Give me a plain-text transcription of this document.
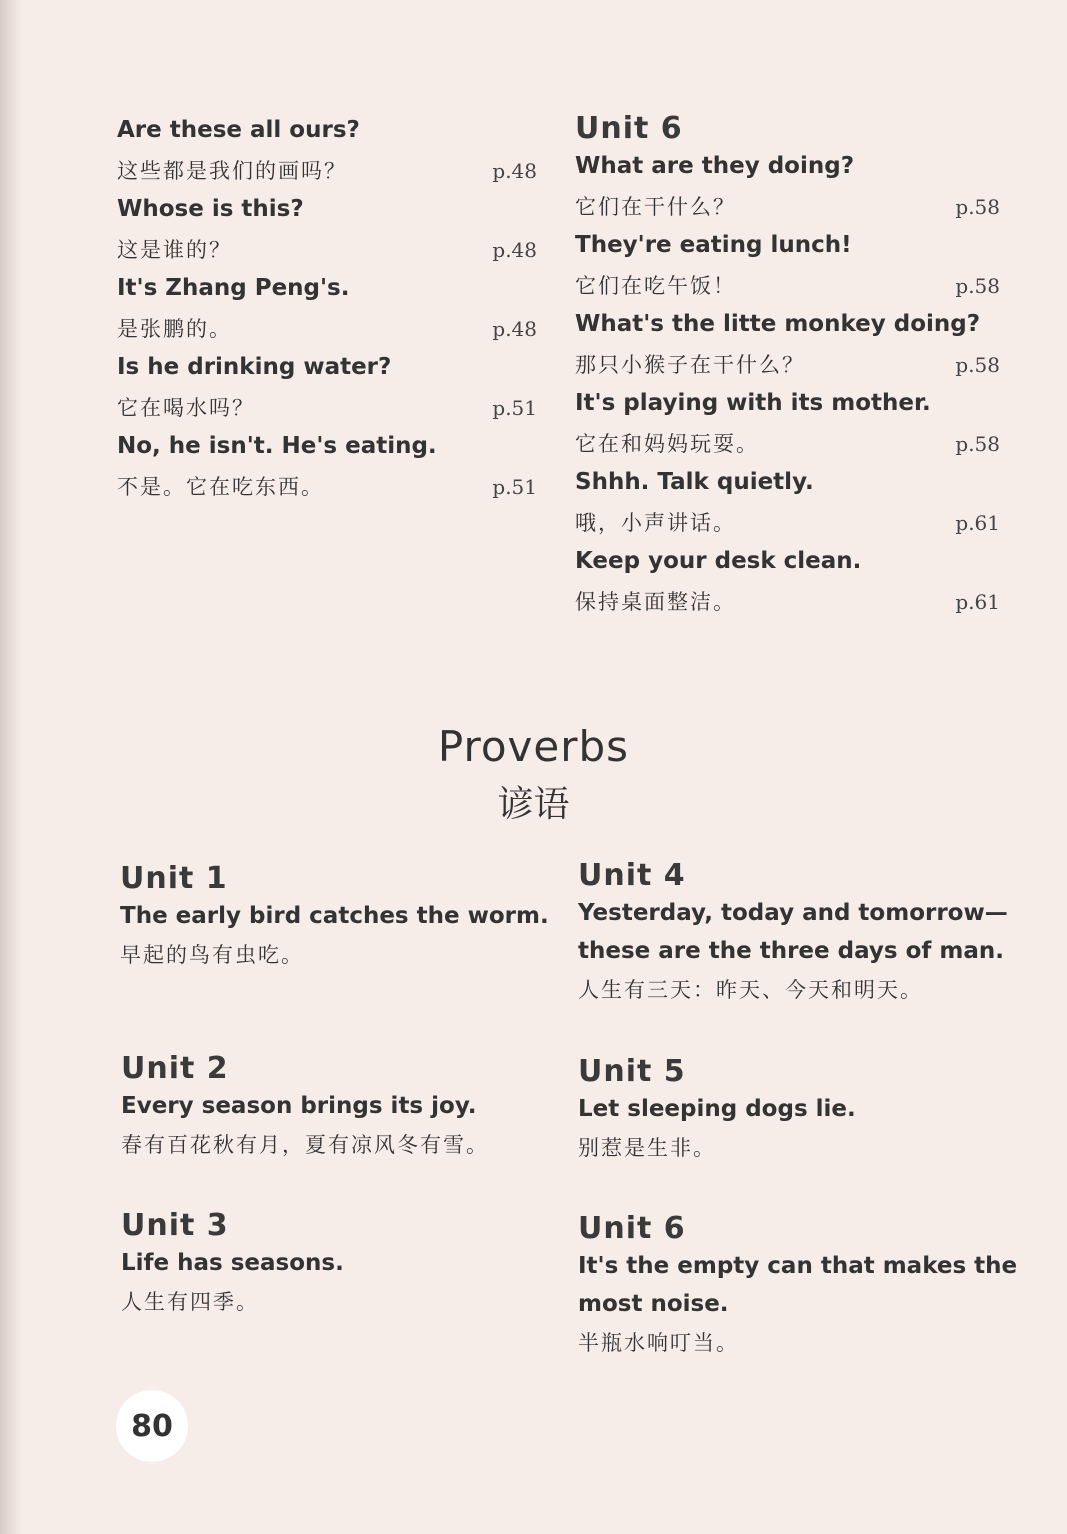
Are these all ours?
这些都是我们的画吗？	p.48
Whose is this?
这是谁的？	p.48
It's Zhang Peng's.
是张鹏的。	p.48
Is he drinking water?
它在喝水吗？	p.51
No, he isn't. He's eating.
不是。它在吃东西。	p.51
Unit 6
What are they doing?
它们在干什么？	p.58
They're eating lunch!
它们在吃午饭！	p.58
What's the litte monkey doing?
那只小猴子在干什么？	p.58
It's playing with its mother.
它在和妈妈玩耍。	p.58
Shhh. Talk quietly.
哦，小声讲话。	p.61
Keep your desk clean.
保持桌面整洁。	p.61
Proverbs
谚语
Unit 1
The early bird catches the worm.
早起的鸟有虫吃。
Unit 2
Every season brings its joy.
春有百花秋有月，夏有凉风冬有雪。
Unit 3
Life has seasons.
人生有四季。
Unit 4
Yesterday, today and tomorrow—
these are the three days of man.
人生有三天：昨天、今天和明天。
Unit 5
Let sleeping dogs lie.
别惹是生非。
Unit 6
It's the empty can that makes the
most noise.
半瓶水响叮当。
80
